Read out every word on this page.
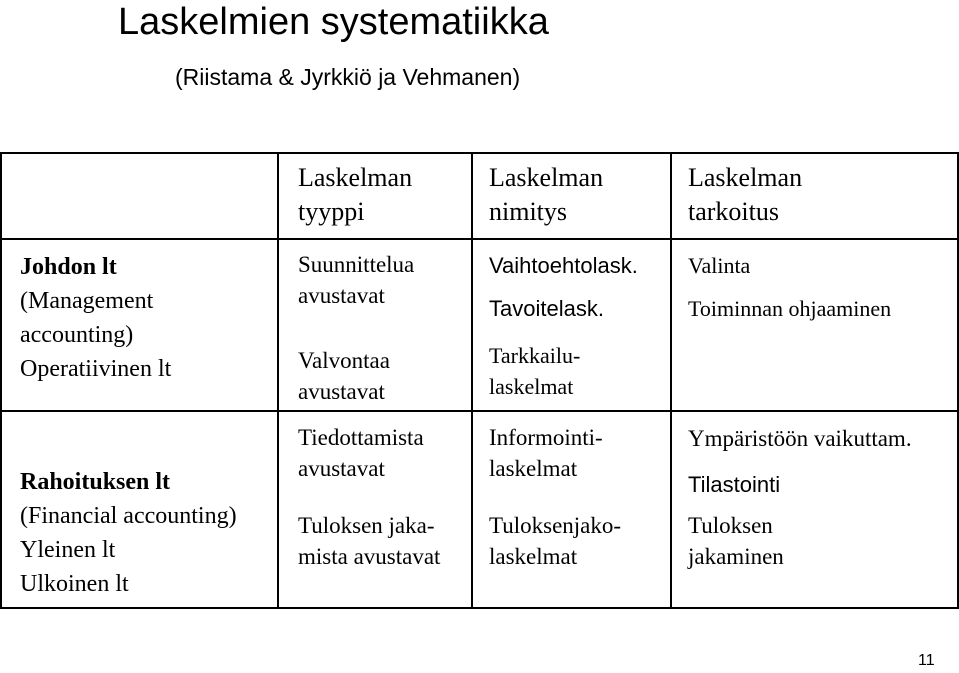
Laskelmien systematiikka
(Riistama & Jyrkkiö ja Vehmanen)
Laskelman
tyyppi
Laskelman
nimitys
Laskelman
tarkoitus
Johdon lt
(Management
accounting)
Operatiivinen lt
Suunnittelua
avustavat
Valvontaa
avustavat
Vaihtoehtolask.
Tavoitelask.
Tarkkailu-
laskelmat
Valinta
Toiminnan ohjaaminen
Rahoituksen lt
(Financial accounting)
Yleinen lt
Ulkoinen lt
Tiedottamista
avustavat
Tuloksen jaka-
mista avustavat
Informointi-
laskelmat
Tuloksenjako-
laskelmat
Ympäristöön vaikuttam.
Tilastointi
Tuloksen
jakaminen
11
